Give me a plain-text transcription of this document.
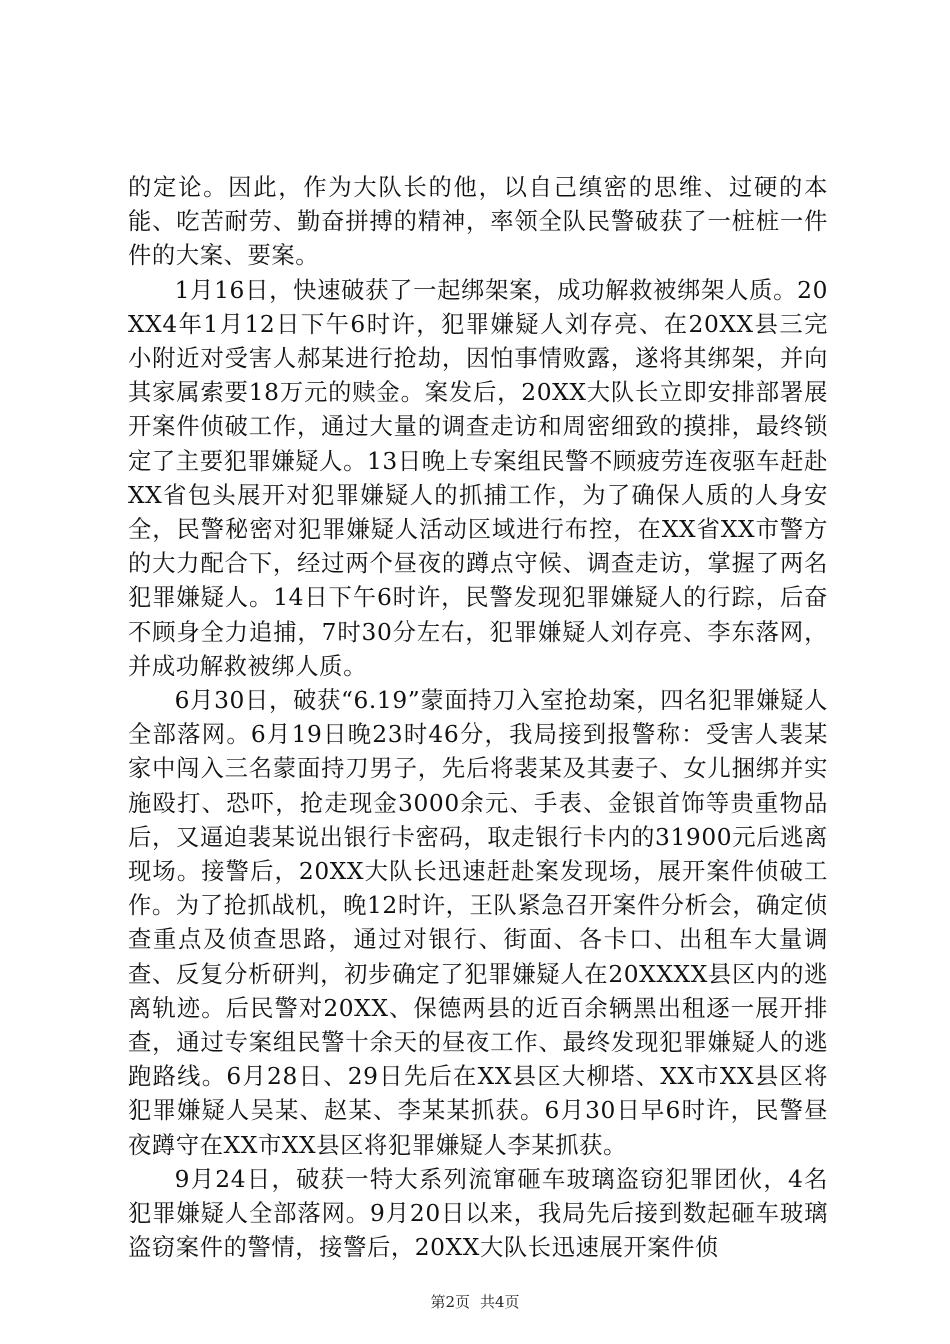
的定论。因此，作为大队长的他，以自己缜密的思维、过硬的本能、吃苦耐劳、勤奋拼搏的精神，率领全队民警破获了一桩桩一件件的大案、要案。

1月16日，快速破获了一起绑架案，成功解救被绑架人质。20XX4年1月12日下午6时许，犯罪嫌疑人刘存亮、在20XX县三完小附近对受害人郝某进行抢劫，因怕事情败露，遂将其绑架，并向其家属索要18万元的赎金。案发后，20XX大队长立即安排部署展开案件侦破工作，通过大量的调查走访和周密细致的摸排，最终锁定了主要犯罪嫌疑人。13日晚上专案组民警不顾疲劳连夜驱车赶赴XX省包头展开对犯罪嫌疑人的抓捕工作，为了确保人质的人身安全，民警秘密对犯罪嫌疑人活动区域进行布控，在XX省XX市警方的大力配合下，经过两个昼夜的蹲点守候、调查走访，掌握了两名犯罪嫌疑人。14日下午6时许，民警发现犯罪嫌疑人的行踪，后奋不顾身全力追捕，7时30分左右，犯罪嫌疑人刘存亮、李东落网，并成功解救被绑人质。

6月30日，破获“6.19”蒙面持刀入室抢劫案，四名犯罪嫌疑人全部落网。6月19日晚23时46分，我局接到报警称：受害人裴某家中闯入三名蒙面持刀男子，先后将裴某及其妻子、女儿捆绑并实施殴打、恐吓，抢走现金3000余元、手表、金银首饰等贵重物品后，又逼迫裴某说出银行卡密码，取走银行卡内的31900元后逃离现场。接警后，20XX大队长迅速赶赴案发现场，展开案件侦破工作。为了抢抓战机，晚12时许，王队紧急召开案件分析会，确定侦查重点及侦查思路，通过对银行、街面、各卡口、出租车大量调查、反复分析研判，初步确定了犯罪嫌疑人在20XXXX县区内的逃离轨迹。后民警对20XX、保德两县的近百余辆黑出租逐一展开排查，通过专案组民警十余天的昼夜工作、最终发现犯罪嫌疑人的逃跑路线。6月28日、29日先后在XX县区大柳塔、XX市XX县区将犯罪嫌疑人吴某、赵某、李某某抓获。6月30日早6时许，民警昼夜蹲守在XX市XX县区将犯罪嫌疑人李某抓获。

9月24日，破获一特大系列流窜砸车玻璃盗窃犯罪团伙，4名犯罪嫌疑人全部落网。9月20日以来，我局先后接到数起砸车玻璃盗窃案件的警情，接警后，20XX大队长迅速展开案件侦

第2页 共4页
